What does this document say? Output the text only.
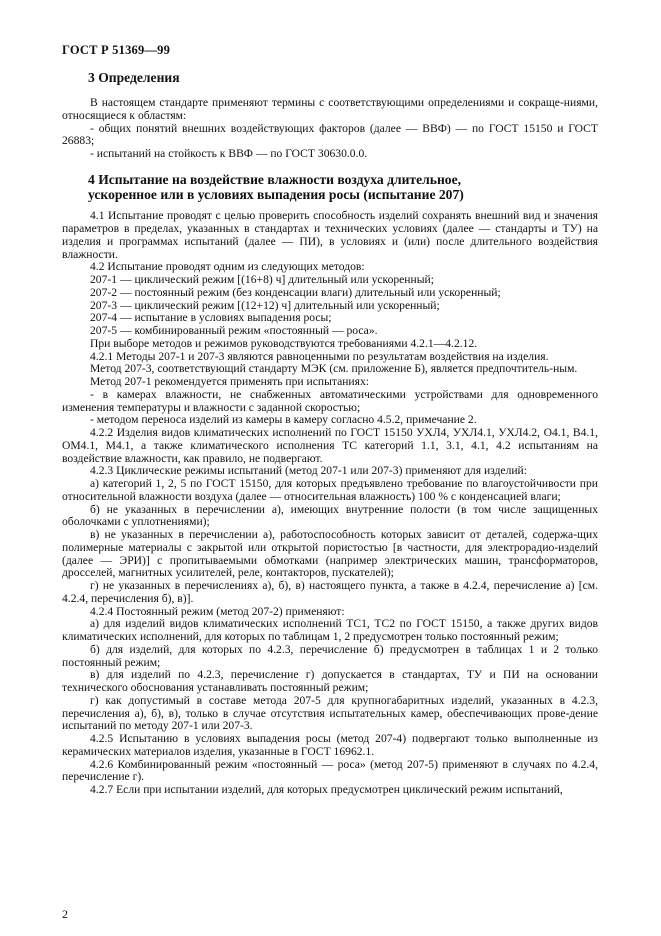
ГОСТ Р 51369—99
3 Определения

В настоящем стандарте применяют термины с соответствующими определениями и сокраще-ниями, относящиеся к областям:

- общих понятий внешних воздействующих факторов (далее — ВВФ) — по ГОСТ 15150 и ГОСТ 26883;

- испытаний на стойкость к ВВФ — по ГОСТ 30630.0.0.

4 Испытание на воздействие влажности воздуха длительное,
ускоренное или в условиях выпадения росы (испытание 207)

4.1 Испытание проводят с целью проверить способность изделий сохранять внешний вид и значения параметров в пределах, указанных в стандартах и технических условиях (далее — стандарты и ТУ) на изделия и программах испытаний (далее — ПИ), в условиях и (или) после длительного воздействия влажности.

4.2 Испытание проводят одним из следующих методов:

207-1 — циклический режим [(16+8) ч] длительный или ускоренный;

207-2 — постоянный режим (без конденсации влаги) длительный или ускоренный;

207-3 — циклический режим [(12+12) ч] длительный или ускоренный;

207-4 — испытание в условиях выпадения росы;

207-5 — комбинированный режим «постоянный — роса».

При выборе методов и режимов руководствуются требованиями 4.2.1—4.2.12.

4.2.1 Методы 207-1 и 207-3 являются равноценными по результатам воздействия на изделия.

Метод 207-3, соответствующий стандарту МЭК (см. приложение Б), является предпочтитель-ным.

Метод 207-1 рекомендуется применять при испытаниях:

- в камерах влажности, не снабженных автоматическими устройствами для одновременного изменения температуры и влажности с заданной скоростью;

- методом переноса изделий из камеры в камеру согласно 4.5.2, примечание 2.

4.2.2 Изделия видов климатических исполнений по ГОСТ 15150 УХЛ4, УХЛ4.1, УХЛ4.2, О4.1, В4.1, ОМ4.1, М4.1, а также климатического исполнения ТС категорий 1.1, 3.1, 4.1, 4.2 испытаниям на воздействие влажности, как правило, не подвергают.

4.2.3 Циклические режимы испытаний (метод 207-1 или 207-3) применяют для изделий:

а) категорий 1, 2, 5 по ГОСТ 15150, для которых предъявлено требование по влагоустойчивости при относительной влажности воздуха (далее — относительная влажность) 100 % с конденсацией влаги;

б) не указанных в перечислении а), имеющих внутренние полости (в том числе защищенных оболочками с уплотнениями);

в) не указанных в перечислении а), работоспособность которых зависит от деталей, содержа-щих полимерные материалы с закрытой или открытой пористостью [в частности, для электрорадио-изделий (далее — ЭРИ)] с пропитываемыми обмотками (например электрических машин, трансформаторов, дросселей, магнитных усилителей, реле, контакторов, пускателей);

г) не указанных в перечислениях а), б), в) настоящего пункта, а также в 4.2.4, перечисление а) [см. 4.2.4, перечисления б), в)].

4.2.4 Постоянный режим (метод 207-2) применяют:

а) для изделий видов климатических исполнений ТС1, ТС2 по ГОСТ 15150, а также других видов климатических исполнений, для которых по таблицам 1, 2 предусмотрен только постоянный режим;

б) для изделий, для которых по 4.2.3, перечисление б) предусмотрен в таблицах 1 и 2 только постоянный режим;

в) для изделий по 4.2.3, перечисление г) допускается в стандартах, ТУ и ПИ на основании технического обоснования устанавливать постоянный режим;

г) как допустимый в составе метода 207-5 для крупногабаритных изделий, указанных в 4.2.3, перечисления а), б), в), только в случае отсутствия испытательных камер, обеспечивающих прове-дение испытаний по методу 207-1 или 207-3.

4.2.5 Испытанию в условиях выпадения росы (метод 207-4) подвергают только выполненные из керамических материалов изделия, указанные в ГОСТ 16962.1.

4.2.6 Комбинированный режим «постоянный — роса» (метод 207-5) применяют в случаях по 4.2.4, перечисление г).

4.2.7 Если при испытании изделий, для которых предусмотрен циклический режим испытаний,

2
